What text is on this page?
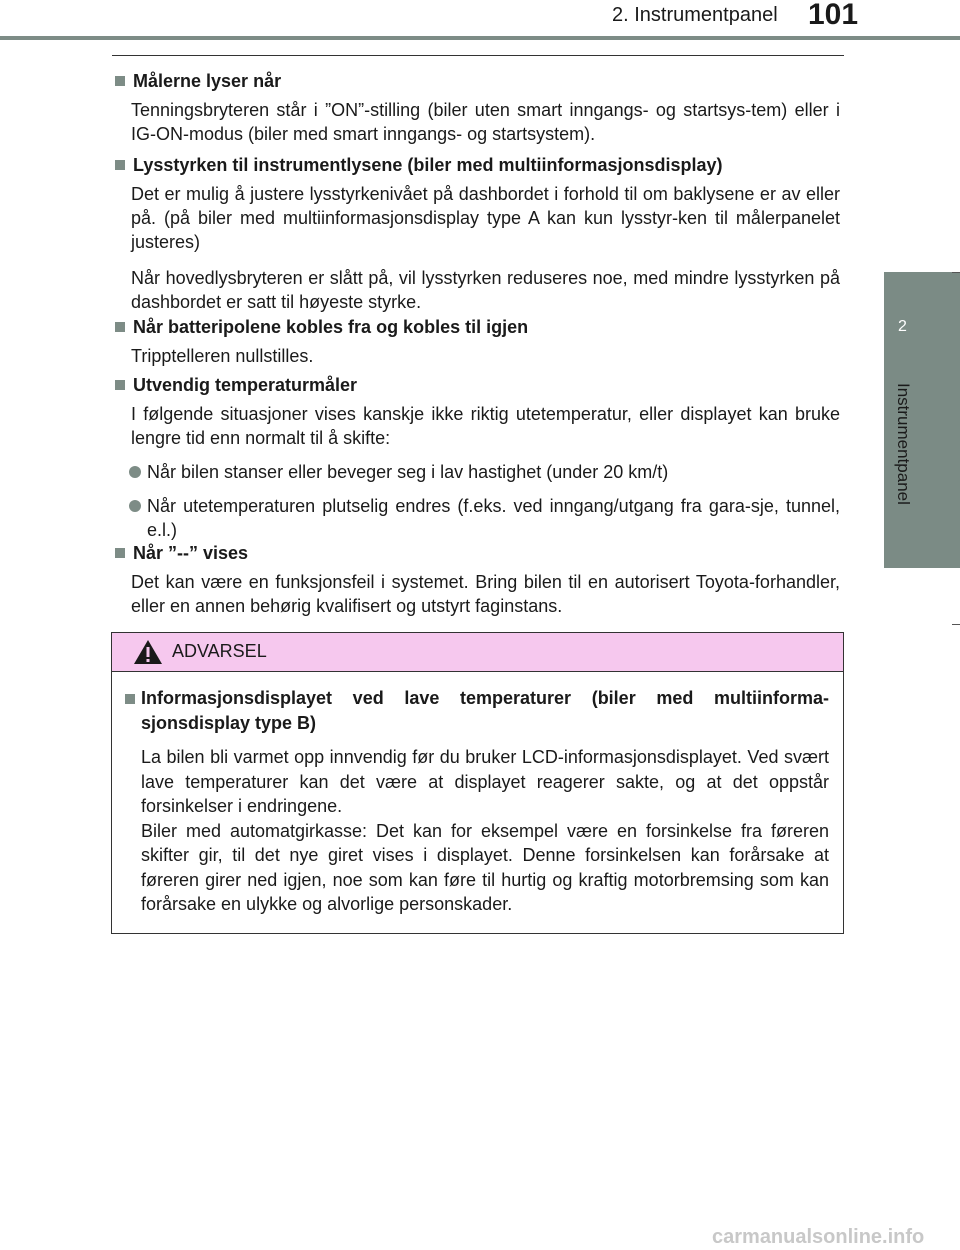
2. Instrumentpanel 101
2
Instrumentpanel
Målerne lyser når
Tenningsbryteren står i ”ON”-stilling (biler uten smart inngangs- og startsys-tem) eller i IG-ON-modus (biler med smart inngangs- og startsystem).
Lysstyrken til instrumentlysene (biler med multiinformasjonsdisplay)
Det er mulig å justere lysstyrkenivået på dashbordet i forhold til om baklysene er av eller på. (på biler med multiinformasjonsdisplay type A kan kun lysstyr-ken til målerpanelet justeres)
Når hovedlysbryteren er slått på, vil lysstyrken reduseres noe, med mindre lysstyrken på dashbordet er satt til høyeste styrke.
Når batteripolene kobles fra og kobles til igjen
Tripptelleren nullstilles.
Utvendig temperaturmåler
I følgende situasjoner vises kanskje ikke riktig utetemperatur, eller displayet kan bruke lengre tid enn normalt til å skifte:
Når bilen stanser eller beveger seg i lav hastighet (under 20 km/t)
Når utetemperaturen plutselig endres (f.eks. ved inngang/utgang fra gara-sje, tunnel, e.l.)
Når ”--” vises
Det kan være en funksjonsfeil i systemet. Bring bilen til en autorisert Toyota-forhandler, eller en annen behørig kvalifisert og utstyrt faginstans.
ADVARSEL
Informasjonsdisplayet ved lave temperaturer (biler med multiinforma-sjonsdisplay type B)
La bilen bli varmet opp innvendig før du bruker LCD-informasjonsdisplayet. Ved svært lave temperaturer kan det være at displayet reagerer sakte, og at det oppstår forsinkelser i endringene.
Biler med automatgirkasse: Det kan for eksempel være en forsinkelse fra føreren skifter gir, til det nye giret vises i displayet. Denne forsinkelsen kan forårsake at føreren girer ned igjen, noe som kan føre til hurtig og kraftig motorbremsing som kan forårsake en ulykke og alvorlige personskader.
carmanualsonline.info
